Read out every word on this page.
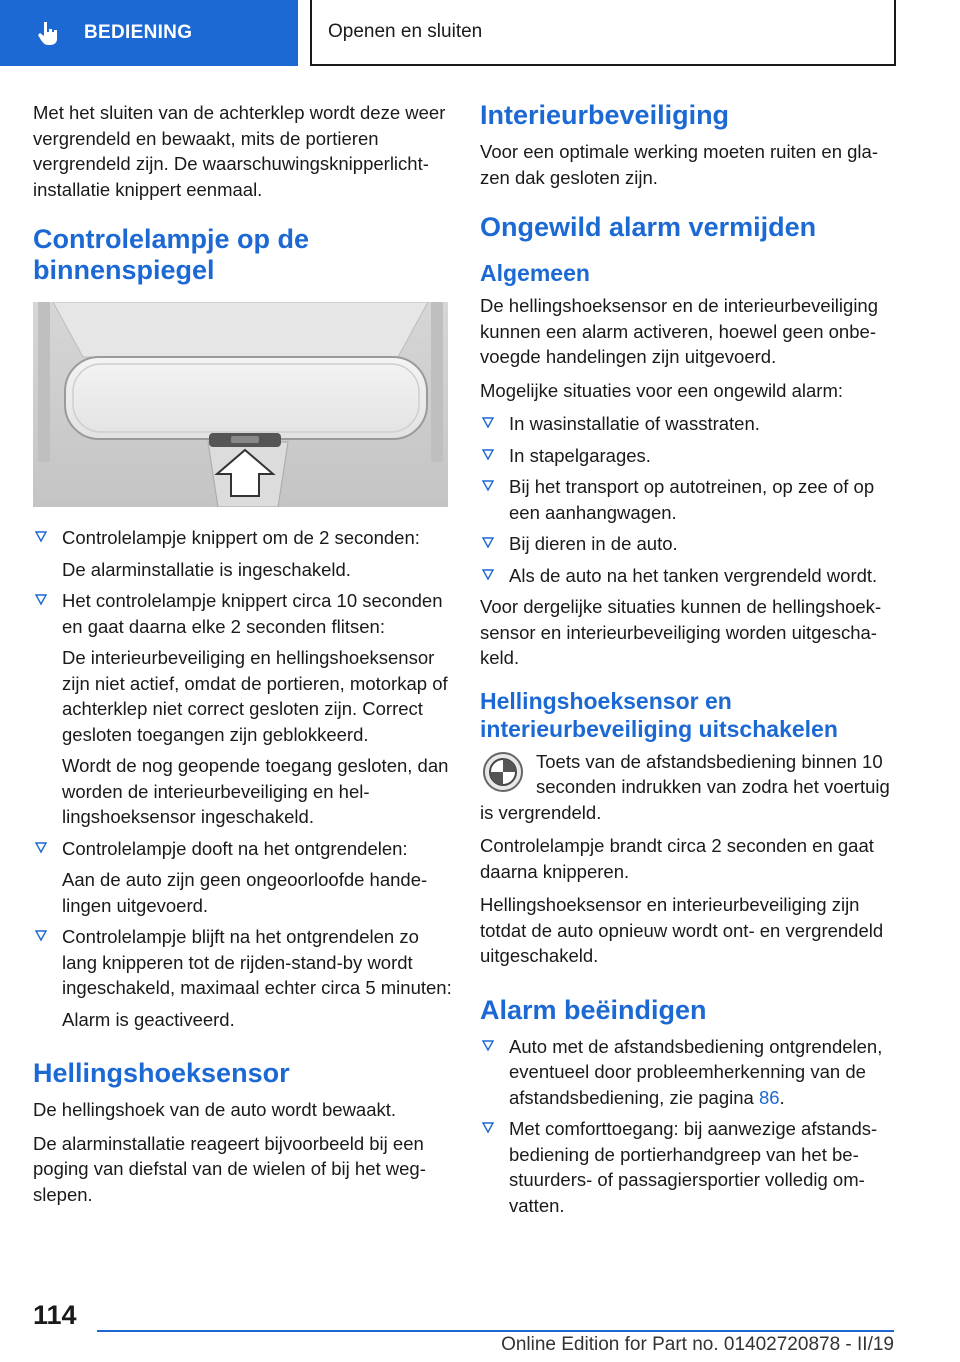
BEDIENING	Openen en sluiten

Met het sluiten van de achterklep wordt deze weer vergrendeld en bewaakt, mits de portieren vergrendeld zijn. De waarschuwingsknipperlichtinstallatie knippert eenmaal.

Controlelampje op de binnenspiegel
Controlelampje knippert om de 2 seconden:
De alarminstallatie is ingeschakeld.
Het controlelampje knippert circa 10 seconden en gaat daarna elke 2 seconden flitsen:
De interieurbeveiliging en hellingshoeksensor zijn niet actief, omdat de portieren, motorkap of achterklep niet correct gesloten zijn. Correct gesloten toegangen zijn geblokkeerd.
Wordt de nog geopende toegang gesloten, dan worden de interieurbeveiliging en hellingshoeksensor ingeschakeld.
Controlelampje dooft na het ontgrendelen:
Aan de auto zijn geen ongeoorloofde handelingen uitgevoerd.
Controlelampje blijft na het ontgrendelen zo lang knipperen tot de rijden-stand-by wordt ingeschakeld, maximaal echter circa 5 minuten:
Alarm is geactiveerd.
Hellingshoeksensor

De hellingshoek van de auto wordt bewaakt.

De alarminstallatie reageert bijvoorbeeld bij een poging van diefstal van de wielen of bij het wegslepen.

Interieurbeveiliging

Voor een optimale werking moeten ruiten en glazen dak gesloten zijn.

Ongewild alarm vermijden
Algemeen

De hellingshoeksensor en de interieurbeveiliging kunnen een alarm activeren, hoewel geen onbevoegde handelingen zijn uitgevoerd.

Mogelijke situaties voor een ongewild alarm:

In wasinstallatie of wasstraten.
In stapelgarages.
Bij het transport op autotreinen, op zee of op een aanhangwagen.
Bij dieren in de auto.
Als de auto na het tanken vergrendeld wordt.

Voor dergelijke situaties kunnen de hellingshoeksensor en interieurbeveiliging worden uitgeschakeld.

Hellingshoeksensor en interieurbeveiliging uitschakelen

Toets van de afstandsbediening binnen 10 seconden indrukken van zodra het voertuig is vergrendeld.

Controlelampje brandt circa 2 seconden en gaat daarna knipperen.

Hellingshoeksensor en interieurbeveiliging zijn totdat de auto opnieuw wordt ont- en vergrendeld uitgeschakeld.

Alarm beëindigen
Auto met de afstandsbediening ontgrendelen, eventueel door probleemherkenning van de afstandsbediening, zie pagina 86.
Met comforttoegang: bij aanwezige afstandsbediening de portierhandgreep van het bestuurders- of passagiersportier volledig omvatten.
114
Online Edition for Part no. 01402720878 - II/19
